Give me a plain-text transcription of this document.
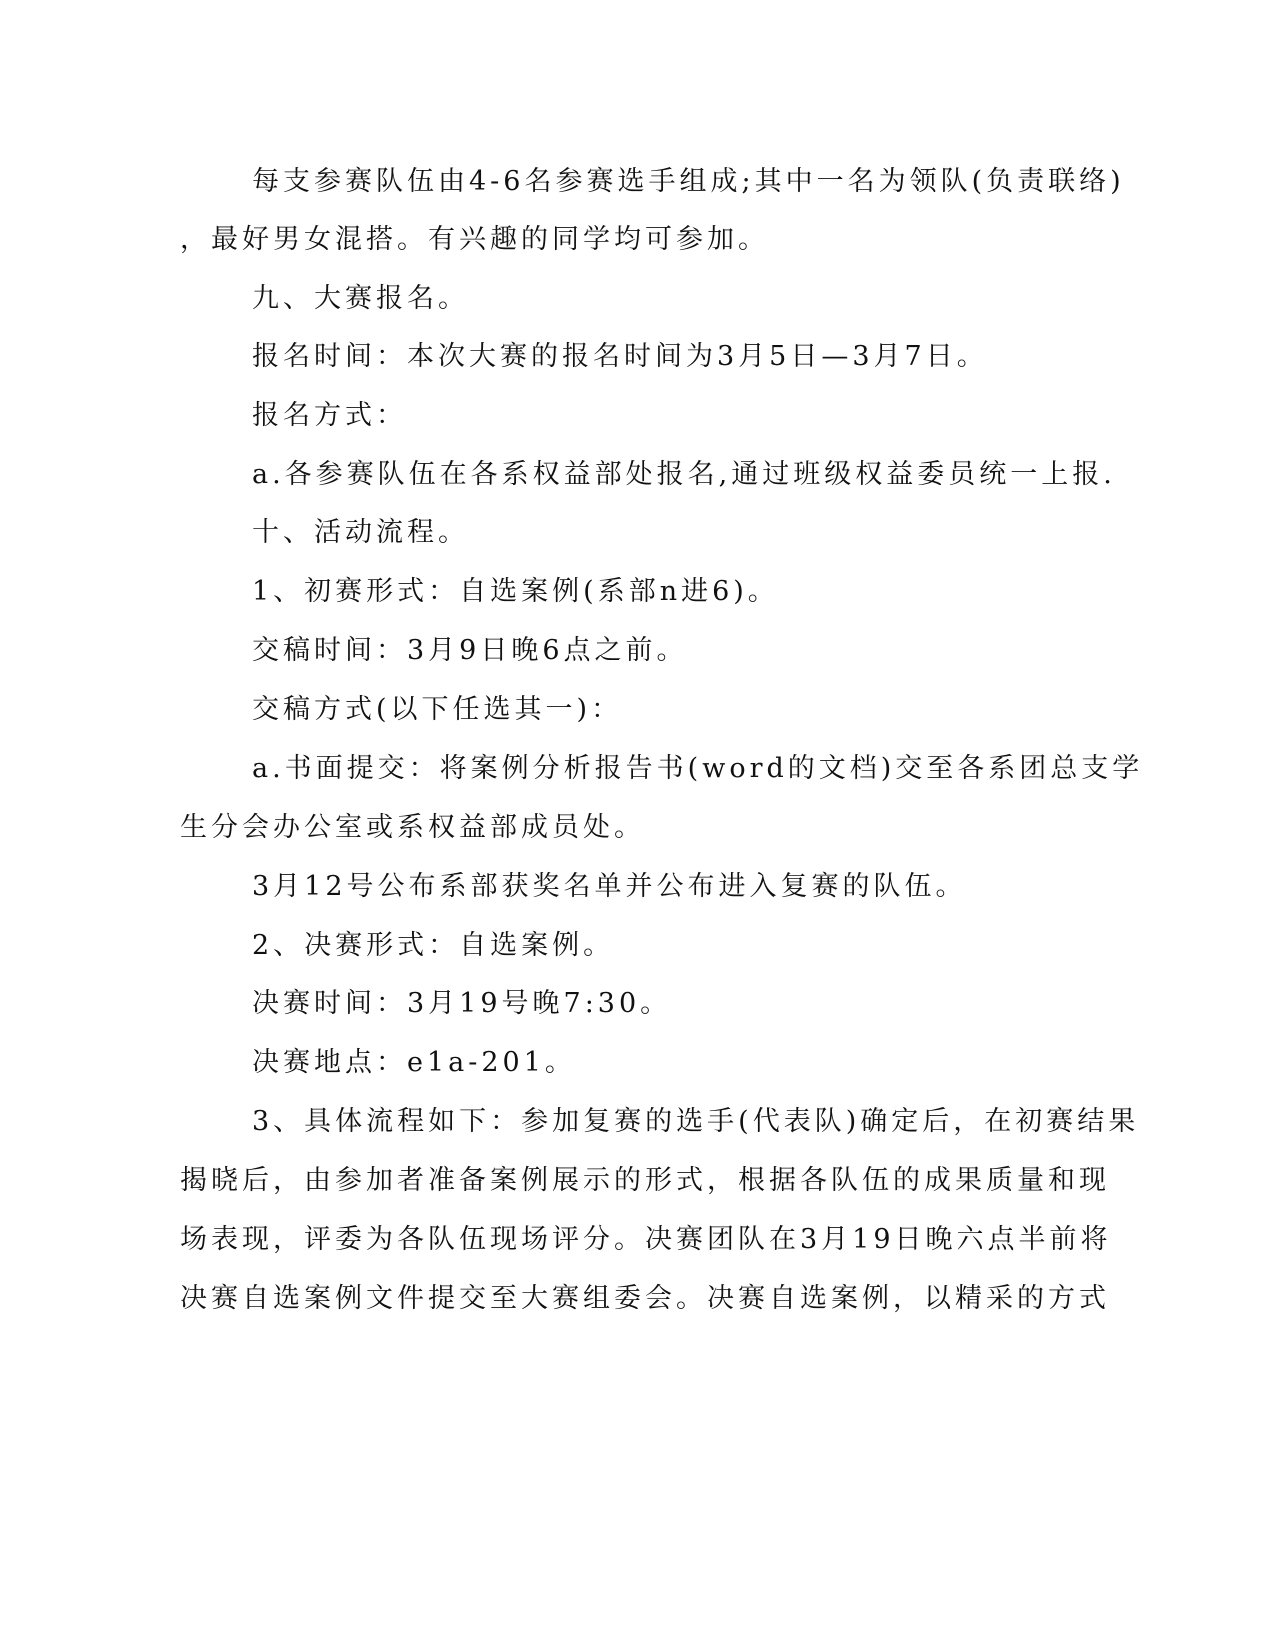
每支参赛队伍由4-6名参赛选手组成;其中一名为领队(负责联络)
，最好男女混搭。有兴趣的同学均可参加。
九、大赛报名。
报名时间：本次大赛的报名时间为3月5日—3月7日。
报名方式：
a.各参赛队伍在各系权益部处报名,通过班级权益委员统一上报.
十、活动流程。
1、初赛形式：自选案例(系部n进6)。
交稿时间：3月9日晚6点之前。
交稿方式(以下任选其一)：
a.书面提交：将案例分析报告书(word的文档)交至各系团总支学
生分会办公室或系权益部成员处。
3月12号公布系部获奖名单并公布进入复赛的队伍。
2、决赛形式：自选案例。
决赛时间：3月19号晚7:30。
决赛地点：e1a-201。
3、具体流程如下：参加复赛的选手(代表队)确定后，在初赛结果
揭晓后，由参加者准备案例展示的形式，根据各队伍的成果质量和现
场表现，评委为各队伍现场评分。决赛团队在3月19日晚六点半前将
决赛自选案例文件提交至大赛组委会。决赛自选案例，以精采的方式
